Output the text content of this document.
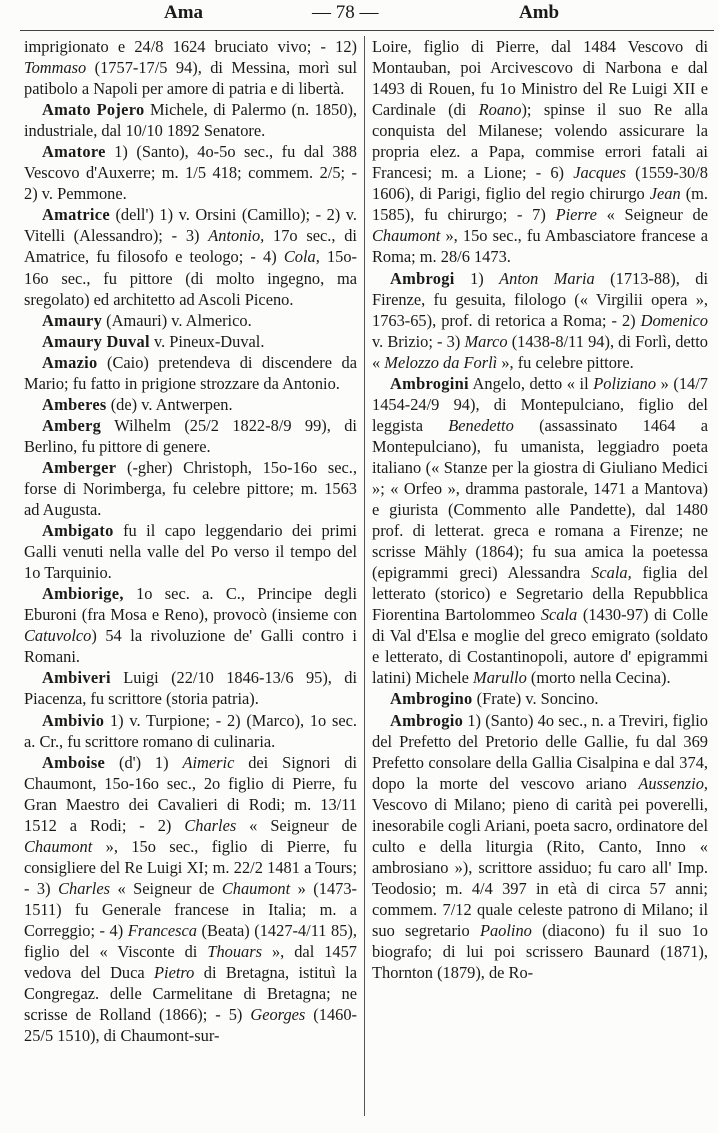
Ama	— 78 —	Amb

imprigionato e 24/8 1624 bruciato vivo; - 12) Tommaso (1757-17/5 94), di Messina, morì sul patibolo a Napoli per amore di patria e di libertà.

Amato Pojero Michele, di Palermo (n. 1850), industriale, dal 10/10 1892 Senatore.

Amatore 1) (Santo), 4o-5o sec., fu dal 388 Vescovo d'Auxerre; m. 1/5 418; commem. 2/5; - 2) v. Pemmone.

Amatrice (dell') 1) v. Orsini (Camillo); - 2) v. Vitelli (Alessandro); - 3) Antonio, 17o sec., di Amatrice, fu filosofo e teologo; - 4) Cola, 15o-16o sec., fu pittore (di molto ingegno, ma sregolato) ed architetto ad Ascoli Piceno.

Amaury (Amauri) v. Almerico.

Amaury Duval v. Pineux-Duval.

Amazio (Caio) pretendeva di discendere da Mario; fu fatto in prigione strozzare da Antonio.

Amberes (de) v. Antwerpen.

Amberg Wilhelm (25/2 1822-8/9 99), di Berlino, fu pittore di genere.

Amberger (-gher) Christoph, 15o-16o sec., forse di Norimberga, fu celebre pittore; m. 1563 ad Augusta.

Ambigato fu il capo leggendario dei primi Galli venuti nella valle del Po verso il tempo del 1o Tarquinio.

Ambiorige, 1o sec. a. C., Principe degli Eburoni (fra Mosa e Reno), provocò (insieme con Catuvolco) 54 la rivoluzione de' Galli contro i Romani.

Ambiveri Luigi (22/10 1846-13/6 95), di Piacenza, fu scrittore (storia patria).

Ambivio 1) v. Turpione; - 2) (Marco), 1o sec. a. Cr., fu scrittore romano di culinaria.

Amboise (d') 1) Aimeric dei Signori di Chaumont, 15o-16o sec., 2o figlio di Pierre, fu Gran Maestro dei Cavalieri di Rodi; m. 13/11 1512 a Rodi; - 2) Charles « Seigneur de Chaumont », 15o sec., figlio di Pierre, fu consigliere del Re Luigi XI; m. 22/2 1481 a Tours; - 3) Charles « Seigneur de Chaumont » (1473-1511) fu Generale francese in Italia; m. a Correggio; - 4) Francesca (Beata) (1427-4/11 85), figlio del « Visconte di Thouars », dal 1457 vedova del Duca Pietro di Bretagna, istituì la Congregaz. delle Carmelitane di Bretagna; ne scrisse de Rolland (1866); - 5) Georges (1460-25/5 1510), di Chaumont-sur-

Loire, figlio di Pierre, dal 1484 Vescovo di Montauban, poi Arcivescovo di Narbona e dal 1493 di Rouen, fu 1o Ministro del Re Luigi XII e Cardinale (di Roano); spinse il suo Re alla conquista del Milanese; volendo assicurare la propria elez. a Papa, commise errori fatali ai Francesi; m. a Lione; - 6) Jacques (1559-30/8 1606), di Parigi, figlio del regio chirurgo Jean (m. 1585), fu chirurgo; - 7) Pierre « Seigneur de Chaumont », 15o sec., fu Ambasciatore francese a Roma; m. 28/6 1473.

Ambrogi 1) Anton Maria (1713-88), di Firenze, fu gesuita, filologo (« Virgilii opera », 1763-65), prof. di retorica a Roma; - 2) Domenico v. Brizio; - 3) Marco (1438-8/11 94), di Forlì, detto « Melozzo da Forlì », fu celebre pittore.

Ambrogini Angelo, detto « il Poliziano » (14/7 1454-24/9 94), di Montepulciano, figlio del leggista Benedetto (assassinato 1464 a Montepulciano), fu umanista, leggiadro poeta italiano (« Stanze per la giostra di Giuliano Medici »; « Orfeo », dramma pastorale, 1471 a Mantova) e giurista (Commento alle Pandette), dal 1480 prof. di letterat. greca e romana a Firenze; ne scrisse Mähly (1864); fu sua amica la poetessa (epigrammi greci) Alessandra Scala, figlia del letterato (storico) e Segretario della Repubblica Fiorentina Bartolommeo Scala (1430-97) di Colle di Val d'Elsa e moglie del greco emigrato (soldato e letterato, di Costantinopoli, autore d' epigrammi latini) Michele Marullo (morto nella Cecina).

Ambrogino (Frate) v. Soncino.

Ambrogio 1) (Santo) 4o sec., n. a Treviri, figlio del Prefetto del Pretorio delle Gallie, fu dal 369 Prefetto consolare della Gallia Cisalpina e dal 374, dopo la morte del vescovo ariano Aussenzio, Vescovo di Milano; pieno di carità pei poverelli, inesorabile cogli Ariani, poeta sacro, ordinatore del culto e della liturgia (Rito, Canto, Inno « ambrosiano »), scrittore assiduo; fu caro all' Imp. Teodosio; m. 4/4 397 in età di circa 57 anni; commem. 7/12 quale celeste patrono di Milano; il suo segretario Paolino (diacono) fu il suo 1o biografo; di lui poi scrissero Baunard (1871), Thornton (1879), de Ro-
